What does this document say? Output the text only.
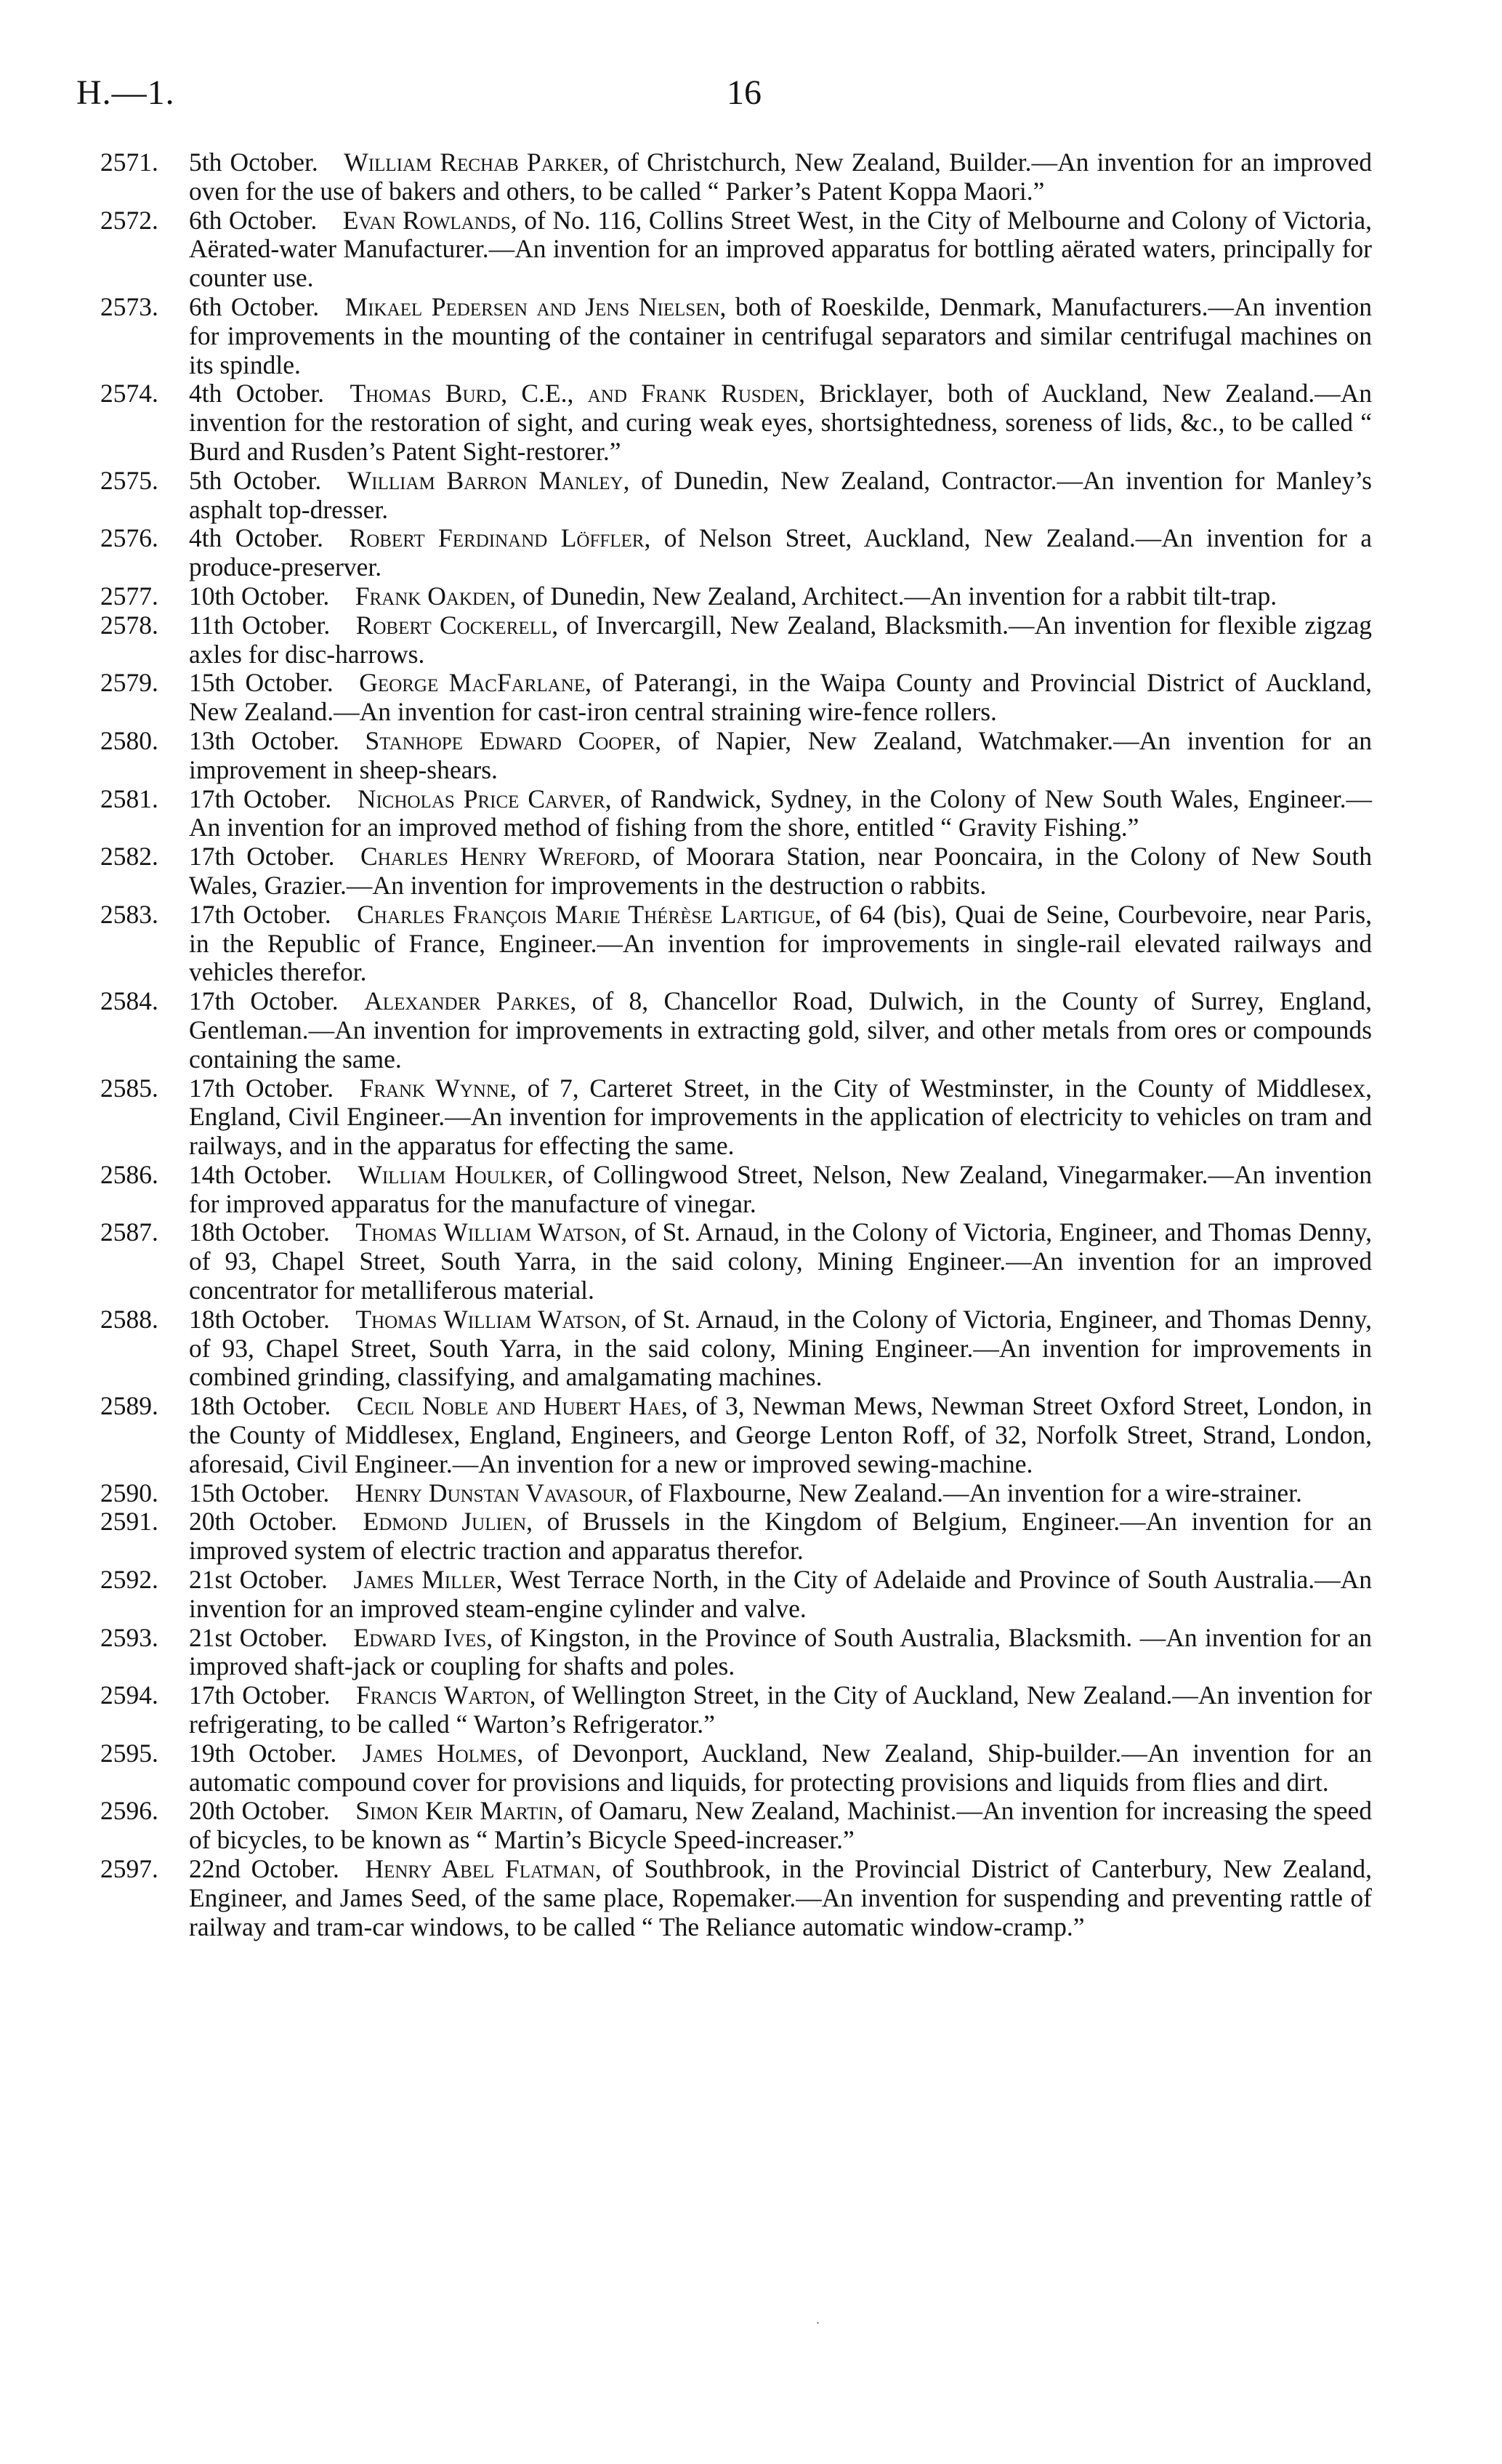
H.—1.	16
2571.	5th October.  William Rechab Parker, of Christchurch, New Zealand, Builder.—An invention for an improved oven for the use of bakers and others, to be called “ Parker’s Patent Koppa Maori.”
2572.	6th October.  Evan Rowlands, of No. 116, Collins Street West, in the City of Melbourne and Colony of Victoria, Aërated-water Manufacturer.—An invention for an improved apparatus for bottling aërated waters, principally for counter use.
2573.	6th October.  Mikael Pedersen and Jens Nielsen, both of Roeskilde, Denmark, Manufacturers.—An invention for improvements in the mounting of the container in centrifugal separators and similar centrifugal machines on its spindle.
2574.	4th October.  Thomas Burd, C.E., and Frank Rusden, Bricklayer, both of Auckland, New Zealand.—An invention for the restoration of sight, and curing weak eyes, shortsightedness, soreness of lids, &c., to be called “ Burd and Rusden’s Patent Sight-restorer.”
2575.	5th October.  William Barron Manley, of Dunedin, New Zealand, Contractor.—An invention for Manley’s asphalt top-dresser.
2576.	4th October.  Robert Ferdinand Löffler, of Nelson Street, Auckland, New Zealand.—An invention for a produce-preserver.
2577.	10th October.  Frank Oakden, of Dunedin, New Zealand, Architect.—An invention for a rabbit tilt-trap.
2578.	11th October.  Robert Cockerell, of Invercargill, New Zealand, Blacksmith.—An invention for flexible zigzag axles for disc-harrows.
2579.	15th October.  George MacFarlane, of Paterangi, in the Waipa County and Provincial District of Auckland, New Zealand.—An invention for cast-iron central straining wire-fence rollers.
2580.	13th October.  Stanhope Edward Cooper, of Napier, New Zealand, Watchmaker.—An invention for an improvement in sheep-shears.
2581.	17th October.  Nicholas Price Carver, of Randwick, Sydney, in the Colony of New South Wales, Engineer.—An invention for an improved method of fishing from the shore, entitled “ Gravity Fishing.”
2582.	17th October.  Charles Henry Wreford, of Moorara Station, near Pooncaira, in the Colony of New South Wales, Grazier.—An invention for improvements in the destruction o rabbits.
2583.	17th October.  Charles François Marie Thérèse Lartigue, of 64 (bis), Quai de Seine, Courbevoire, near Paris, in the Republic of France, Engineer.—An invention for improvements in single-rail elevated railways and vehicles therefor.
2584.	17th October.  Alexander Parkes, of 8, Chancellor Road, Dulwich, in the County of Surrey, England, Gentleman.—An invention for improvements in extracting gold, silver, and other metals from ores or compounds containing the same.
2585.	17th October.  Frank Wynne, of 7, Carteret Street, in the City of Westminster, in the County of Middlesex, England, Civil Engineer.—An invention for improvements in the application of electricity to vehicles on tram and railways, and in the apparatus for effecting the same.
2586.	14th October.  William Houlker, of Collingwood Street, Nelson, New Zealand, Vinegarmaker.—An invention for improved apparatus for the manufacture of vinegar.
2587.	18th October.  Thomas William Watson, of St. Arnaud, in the Colony of Victoria, Engineer, and Thomas Denny, of 93, Chapel Street, South Yarra, in the said colony, Mining Engineer.—An invention for an improved concentrator for metalliferous material.
2588.	18th October.  Thomas William Watson, of St. Arnaud, in the Colony of Victoria, Engineer, and Thomas Denny, of 93, Chapel Street, South Yarra, in the said colony, Mining Engineer.—An invention for improvements in combined grinding, classifying, and amalgamating machines.
2589.	18th October.  Cecil Noble and Hubert Haes, of 3, Newman Mews, Newman Street Oxford Street, London, in the County of Middlesex, England, Engineers, and George Lenton Roff, of 32, Norfolk Street, Strand, London, aforesaid, Civil Engineer.—An invention for a new or improved sewing-machine.
2590.	15th October.  Henry Dunstan Vavasour, of Flaxbourne, New Zealand.—An invention for a wire-strainer.
2591.	20th October.  Edmond Julien, of Brussels in the Kingdom of Belgium, Engineer.—An invention for an improved system of electric traction and apparatus therefor.
2592.	21st October.  James Miller, West Terrace North, in the City of Adelaide and Province of South Australia.—An invention for an improved steam-engine cylinder and valve.
2593.	21st October.  Edward Ives, of Kingston, in the Province of South Australia, Blacksmith. —An invention for an improved shaft-jack or coupling for shafts and poles.
2594.	17th October.  Francis Warton, of Wellington Street, in the City of Auckland, New Zealand.—An invention for refrigerating, to be called “ Warton’s Refrigerator.”
2595.	19th October.  James Holmes, of Devonport, Auckland, New Zealand, Ship-builder.—An invention for an automatic compound cover for provisions and liquids, for protecting provisions and liquids from flies and dirt.
2596.	20th October.  Simon Keir Martin, of Oamaru, New Zealand, Machinist.—An invention for increasing the speed of bicycles, to be known as “ Martin’s Bicycle Speed-increaser.”
2597.	22nd October.  Henry Abel Flatman, of Southbrook, in the Provincial District of Canterbury, New Zealand, Engineer, and James Seed, of the same place, Ropemaker.—An invention for suspending and preventing rattle of railway and tram-car windows, to be called “ The Reliance automatic window-cramp.”
.
